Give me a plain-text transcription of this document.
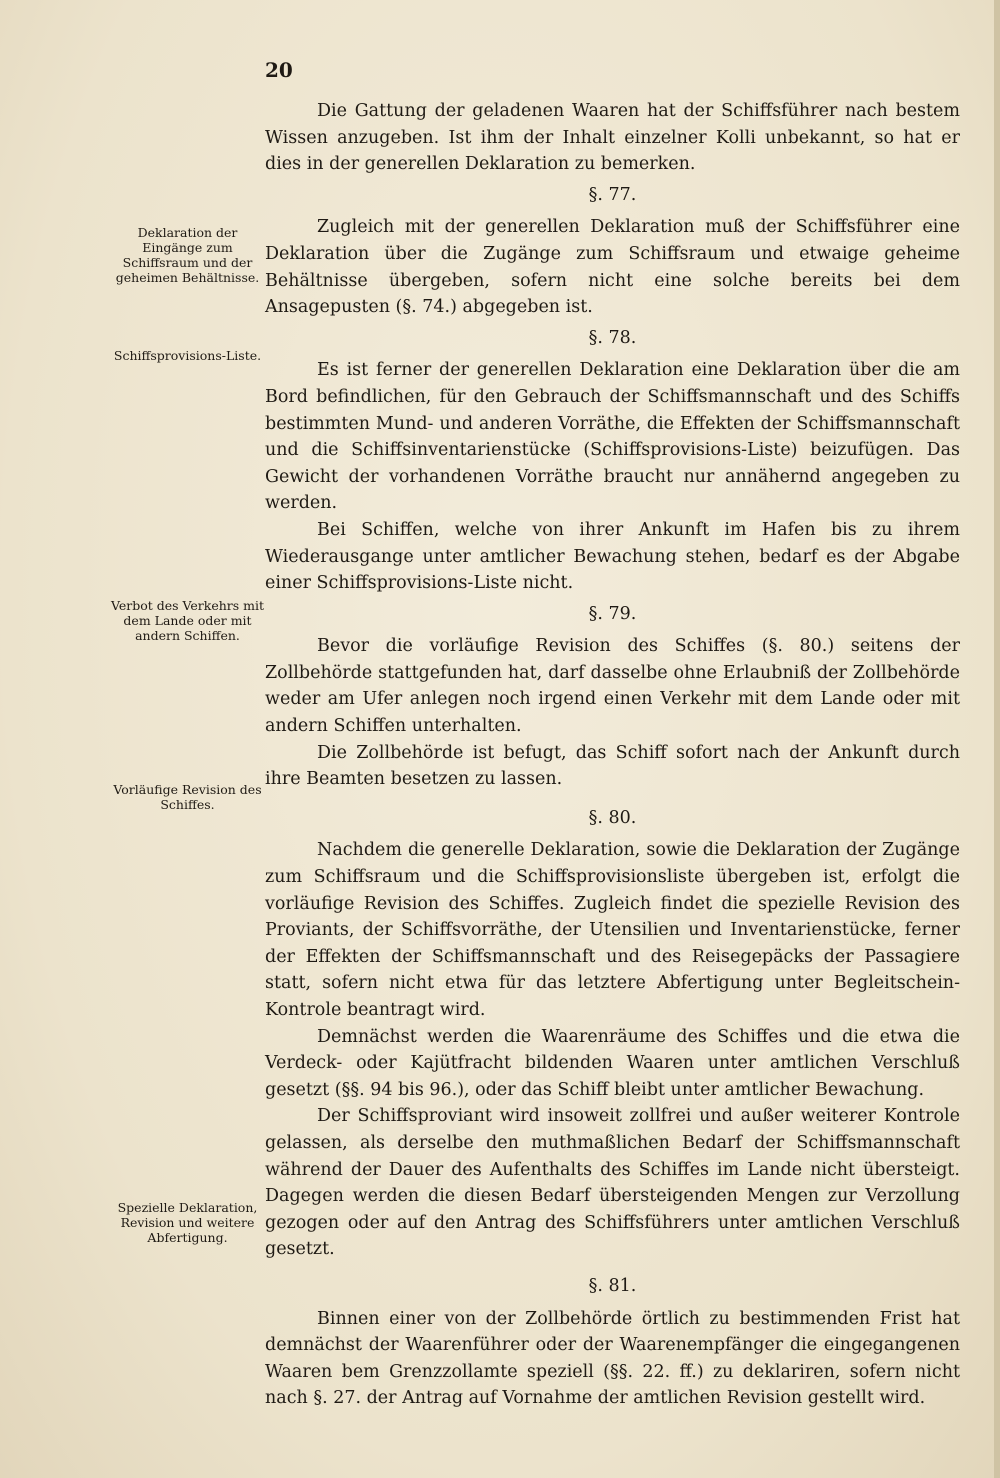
20
Deklaration der Eingänge zum Schiffsraum und der geheimen Behältnisse.
Schiffsprovisions-Liste.
Verbot des Verkehrs mit dem Lande oder mit andern Schiffen.
Vorläufige Revision des Schiffes.
Spezielle Deklaration, Revision und weitere Abfertigung.

Die Gattung der geladenen Waaren hat der Schiffsführer nach bestem Wissen anzugeben. Ist ihm der Inhalt einzelner Kolli unbekannt, so hat er dies in der generellen Deklaration zu bemerken.

§. 77.

Zugleich mit der generellen Deklaration muß der Schiffsführer eine Deklaration über die Zugänge zum Schiffsraum und etwaige geheime Behältnisse übergeben, sofern nicht eine solche bereits bei dem Ansagepusten (§. 74.) abgegeben ist.

§. 78.

Es ist ferner der generellen Deklaration eine Deklaration über die am Bord befindlichen, für den Gebrauch der Schiffsmannschaft und des Schiffs bestimmten Mund- und anderen Vorräthe, die Effekten der Schiffsmannschaft und die Schiffsinventarienstücke (Schiffsprovisions-Liste) beizufügen. Das Gewicht der vorhandenen Vorräthe braucht nur annähernd angegeben zu werden.

Bei Schiffen, welche von ihrer Ankunft im Hafen bis zu ihrem Wiederausgange unter amtlicher Bewachung stehen, bedarf es der Abgabe einer Schiffsprovisions-Liste nicht.

§. 79.

Bevor die vorläufige Revision des Schiffes (§. 80.) seitens der Zollbehörde stattgefunden hat, darf dasselbe ohne Erlaubniß der Zollbehörde weder am Ufer anlegen noch irgend einen Verkehr mit dem Lande oder mit andern Schiffen unterhalten.

Die Zollbehörde ist befugt, das Schiff sofort nach der Ankunft durch ihre Beamten besetzen zu lassen.

§. 80.

Nachdem die generelle Deklaration, sowie die Deklaration der Zugänge zum Schiffsraum und die Schiffsprovisionsliste übergeben ist, erfolgt die vorläufige Revision des Schiffes. Zugleich findet die spezielle Revision des Proviants, der Schiffsvorräthe, der Utensilien und Inventarienstücke, ferner der Effekten der Schiffsmannschaft und des Reisegepäcks der Passagiere statt, sofern nicht etwa für das letztere Abfertigung unter Begleitschein-Kontrole beantragt wird.

Demnächst werden die Waarenräume des Schiffes und die etwa die Verdeck- oder Kajütfracht bildenden Waaren unter amtlichen Verschluß gesetzt (§§. 94 bis 96.), oder das Schiff bleibt unter amtlicher Bewachung.

Der Schiffsproviant wird insoweit zollfrei und außer weiterer Kontrole gelassen, als derselbe den muthmaßlichen Bedarf der Schiffsmannschaft während der Dauer des Aufenthalts des Schiffes im Lande nicht übersteigt. Dagegen werden die diesen Bedarf übersteigenden Mengen zur Verzollung gezogen oder auf den Antrag des Schiffsführers unter amtlichen Verschluß gesetzt.

§. 81.

Binnen einer von der Zollbehörde örtlich zu bestimmenden Frist hat demnächst der Waarenführer oder der Waarenempfänger die eingegangenen Waaren bem Grenzzollamte speziell (§§. 22. ff.) zu deklariren, sofern nicht nach §. 27. der Antrag auf Vornahme der amtlichen Revision gestellt wird.
